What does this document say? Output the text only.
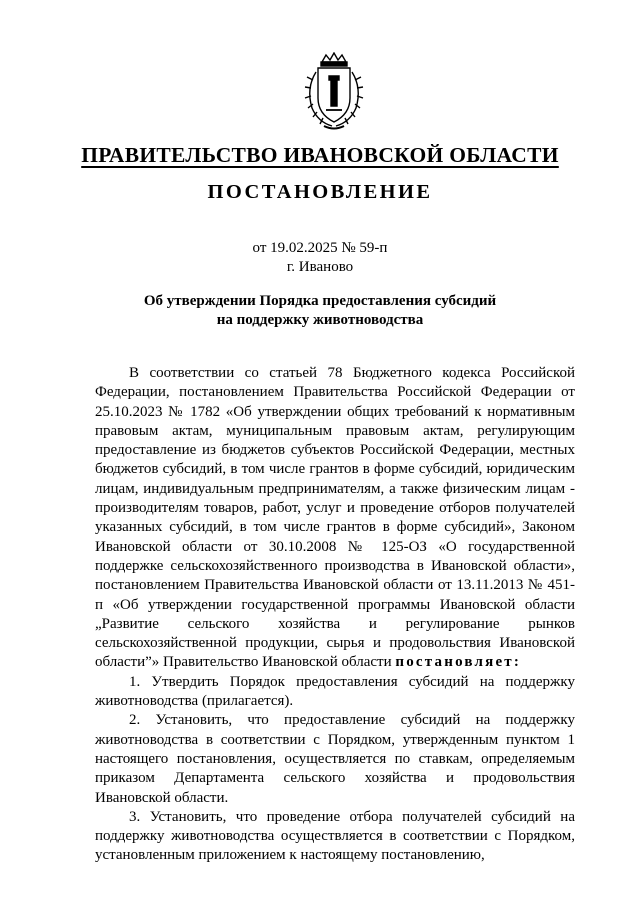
ПРАВИТЕЛЬСТВО ИВАНОВСКОЙ ОБЛАСТИ
ПОСТАНОВЛЕНИЕ
от 19.02.2025 № 59-п
г. Иваново
Об утверждении Порядка предоставления субсидий
на поддержку животноводства

В соответствии со статьей 78 Бюджетного кодекса Российской Федерации, постановлением Правительства Российской Федерации от 25.10.2023 № 1782 «Об утверждении общих требований к нормативным правовым актам, муниципальным правовым актам, регулирующим предоставление из бюджетов субъектов Российской Федерации, местных бюджетов субсидий, в том числе грантов в форме субсидий, юридическим лицам, индивидуальным предпринимателям, а также физическим лицам - производителям товаров, работ, услуг и проведение отборов получателей указанных субсидий, в том числе грантов в форме субсидий», Законом Ивановской области от 30.10.2008 № 125-ОЗ «О государственной поддержке сельскохозяйственного производства в Ивановской области», постановлением Правительства Ивановской области от 13.11.2013 № 451-п «Об утверждении государственной программы Ивановской области „Развитие сельского хозяйства и регулирование рынков сельскохозяйственной продукции, сырья и продовольствия Ивановской области”» Правительство Ивановской области постановляет:

1. Утвердить Порядок предоставления субсидий на поддержку животноводства (прилагается).

2. Установить, что предоставление субсидий на поддержку животноводства в соответствии с Порядком, утвержденным пунктом 1 настоящего постановления, осуществляется по ставкам, определяемым приказом Департамента сельского хозяйства и продовольствия Ивановской области.

3. Установить, что проведение отбора получателей субсидий на поддержку животноводства осуществляется в соответствии с Порядком, установленным приложением к настоящему постановлению,
